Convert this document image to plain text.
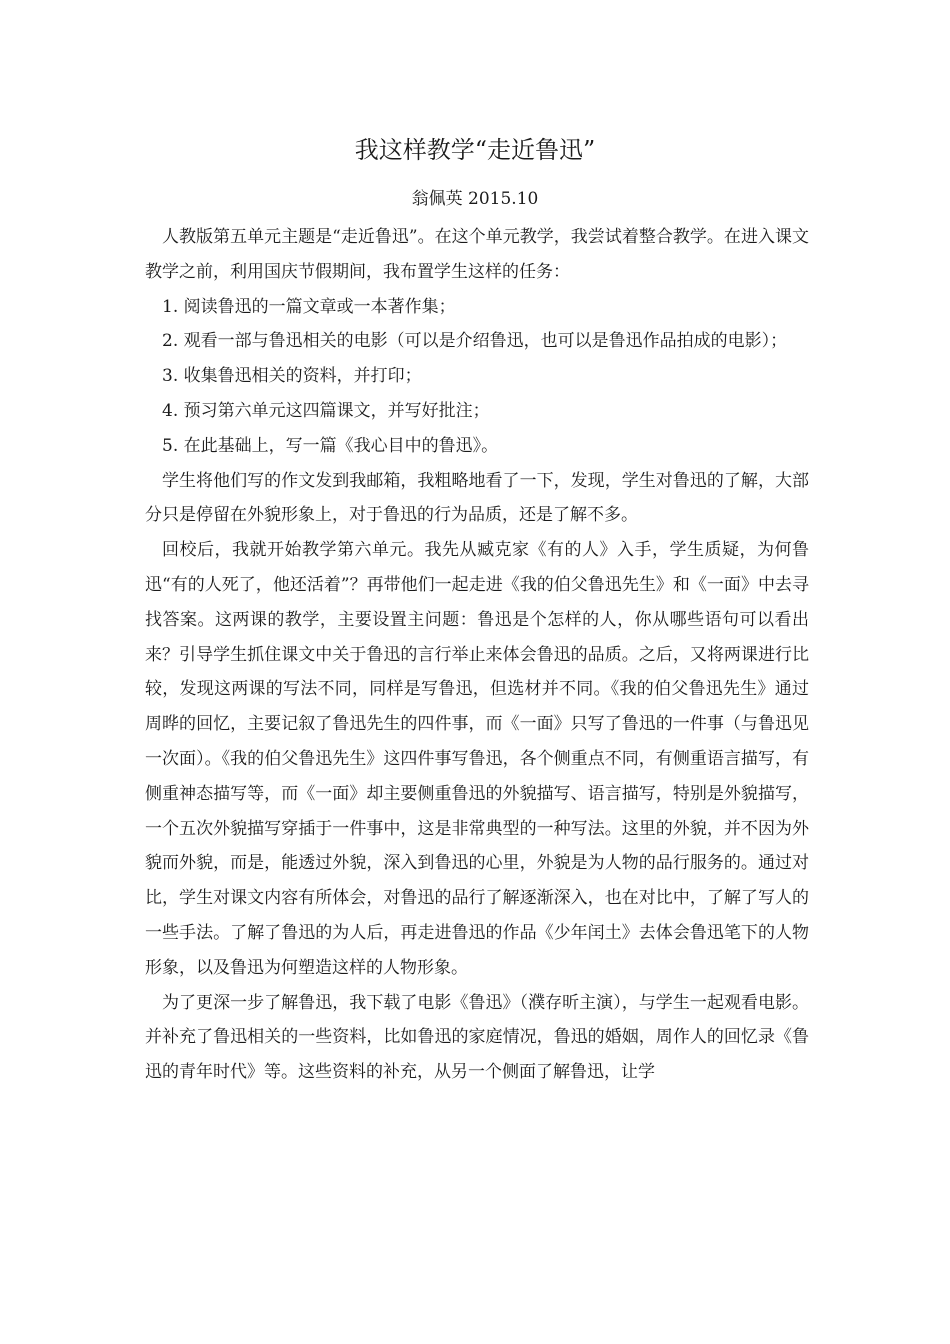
我这样教学“走近鲁迅”
翁佩英 2015.10

人教版第五单元主题是“走近鲁迅”。在这个单元教学，我尝试着整合教学。在进入课文教学之前，利用国庆节假期间，我布置学生这样的任务：

1. 阅读鲁迅的一篇文章或一本著作集；

2. 观看一部与鲁迅相关的电影（可以是介绍鲁迅，也可以是鲁迅作品拍成的电影）；

3. 收集鲁迅相关的资料，并打印；

4. 预习第六单元这四篇课文，并写好批注；

5. 在此基础上，写一篇《我心目中的鲁迅》。

学生将他们写的作文发到我邮箱，我粗略地看了一下，发现，学生对鲁迅的了解，大部分只是停留在外貌形象上，对于鲁迅的行为品质，还是了解不多。

回校后，我就开始教学第六单元。我先从臧克家《有的人》入手，学生质疑，为何鲁迅“有的人死了，他还活着”？再带他们一起走进《我的伯父鲁迅先生》和《一面》中去寻找答案。这两课的教学，主要设置主问题：鲁迅是个怎样的人，你从哪些语句可以看出来？引导学生抓住课文中关于鲁迅的言行举止来体会鲁迅的品质。之后，又将两课进行比较，发现这两课的写法不同，同样是写鲁迅，但选材并不同。《我的伯父鲁迅先生》通过周晔的回忆，主要记叙了鲁迅先生的四件事，而《一面》只写了鲁迅的一件事（与鲁迅见一次面）。《我的伯父鲁迅先生》这四件事写鲁迅，各个侧重点不同，有侧重语言描写，有侧重神态描写等，而《一面》却主要侧重鲁迅的外貌描写、语言描写，特别是外貌描写，一个五次外貌描写穿插于一件事中，这是非常典型的一种写法。这里的外貌，并不因为外貌而外貌，而是，能透过外貌，深入到鲁迅的心里，外貌是为人物的品行服务的。通过对比，学生对课文内容有所体会，对鲁迅的品行了解逐渐深入，也在对比中，了解了写人的一些手法。了解了鲁迅的为人后，再走进鲁迅的作品《少年闰土》去体会鲁迅笔下的人物形象，以及鲁迅为何塑造这样的人物形象。

为了更深一步了解鲁迅，我下载了电影《鲁迅》（濮存昕主演），与学生一起观看电影。并补充了鲁迅相关的一些资料，比如鲁迅的家庭情况，鲁迅的婚姻，周作人的回忆录《鲁迅的青年时代》等。这些资料的补充，从另一个侧面了解鲁迅，让学
